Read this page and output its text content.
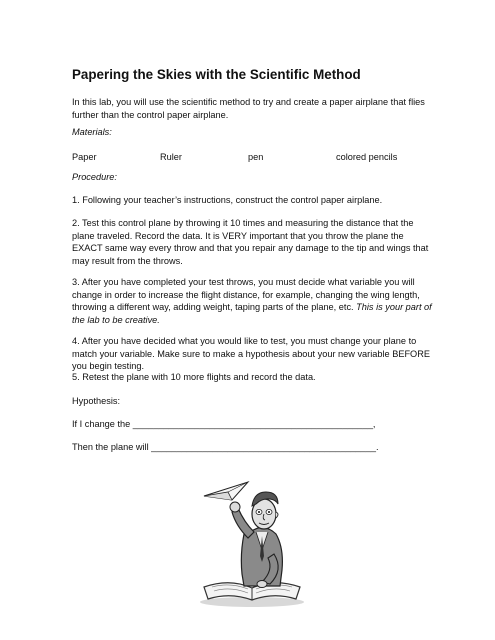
Papering the Skies with the Scientific Method

In this lab, you will use the scientific method to try and create a paper airplane that flies further than the control paper airplane.

Materials:

Paper	Ruler	pen	colored pencils

Procedure:

1. Following your teacher’s instructions, construct the control paper airplane.

2. Test this control plane by throwing it 10 times and measuring the distance that the plane traveled. Record the data. It is VERY important that you throw the plane the EXACT same way every throw and that you repair any damage to the tip and wings that may result from the throws.

3. After you have completed your test throws, you must decide what variable you will change in order to increase the flight distance, for example, changing the wing length, throwing a different way, adding weight, taping parts of the plane, etc. This is your part of the lab to be creative.

4. After you have decided what you would like to test, you must change your plane to match your variable. Make sure to make a hypothesis about your new variable BEFORE you begin testing.

5. Retest the plane with 10 more flights and record the data.

Hypothesis:

If I change the _______________________________________________,

Then the plane will ____________________________________________.
